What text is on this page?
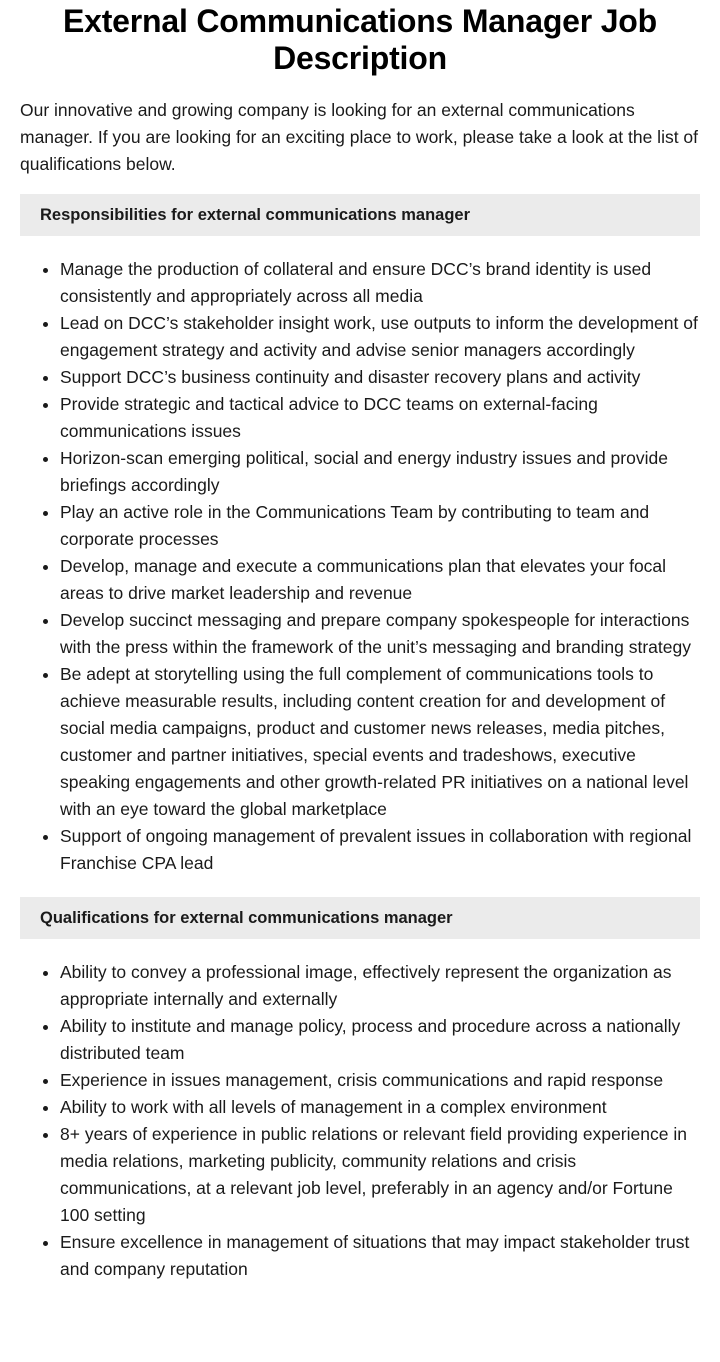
External Communications Manager Job Description

Our innovative and growing company is looking for an external communications manager. If you are looking for an exciting place to work, please take a look at the list of qualifications below.

Responsibilities for external communications manager
• Manage the production of collateral and ensure DCC’s brand identity is used consistently and appropriately across all media
• Lead on DCC’s stakeholder insight work, use outputs to inform the development of engagement strategy and activity and advise senior managers accordingly
• Support DCC’s business continuity and disaster recovery plans and activity
• Provide strategic and tactical advice to DCC teams on external-facing communications issues
• Horizon-scan emerging political, social and energy industry issues and provide briefings accordingly
• Play an active role in the Communications Team by contributing to team and corporate processes
• Develop, manage and execute a communications plan that elevates your focal areas to drive market leadership and revenue
• Develop succinct messaging and prepare company spokespeople for interactions with the press within the framework of the unit’s messaging and branding strategy
• Be adept at storytelling using the full complement of communications tools to achieve measurable results, including content creation for and development of social media campaigns, product and customer news releases, media pitches, customer and partner initiatives, special events and tradeshows, executive speaking engagements and other growth-related PR initiatives on a national level with an eye toward the global marketplace
• Support of ongoing management of prevalent issues in collaboration with regional Franchise CPA lead
Qualifications for external communications manager
• Ability to convey a professional image, effectively represent the organization as appropriate internally and externally
• Ability to institute and manage policy, process and procedure across a nationally distributed team
• Experience in issues management, crisis communications and rapid response
• Ability to work with all levels of management in a complex environment
• 8+ years of experience in public relations or relevant field providing experience in media relations, marketing publicity, community relations and crisis communications, at a relevant job level, preferably in an agency and/or Fortune 100 setting
• Ensure excellence in management of situations that may impact stakeholder trust and company reputation
